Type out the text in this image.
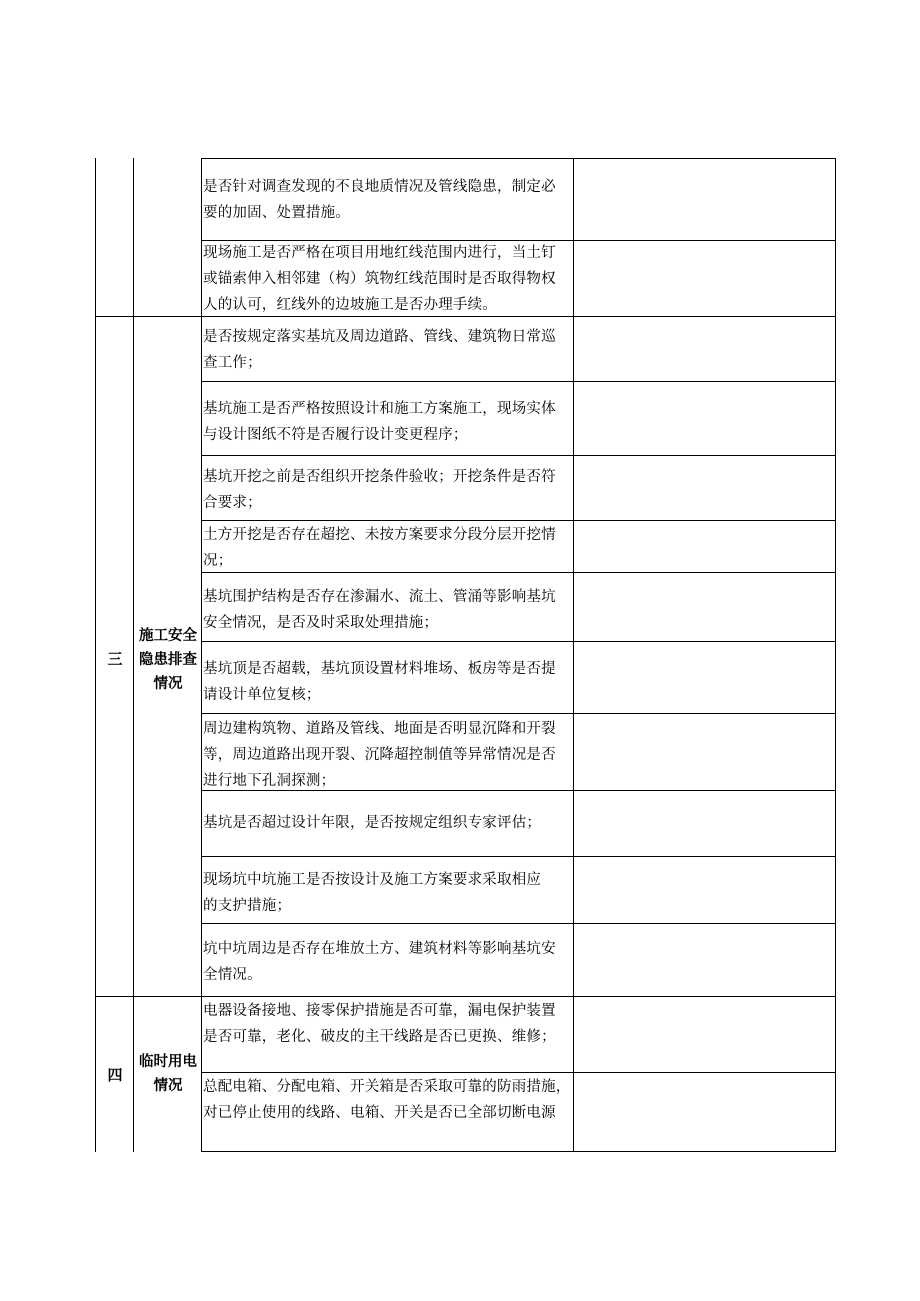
是否针对调查发现的不良地质情况及管线隐患，制定必
要的加固、处置措施。
现场施工是否严格在项目用地红线范围内进行，当土钉
或锚索伸入相邻建（构）筑物红线范围时是否取得物权
人的认可，红线外的边坡施工是否办理手续。
三
施工安全
隐患排查
情况
是否按规定落实基坑及周边道路、管线、建筑物日常巡
查工作；
基坑施工是否严格按照设计和施工方案施工，现场实体
与设计图纸不符是否履行设计变更程序；
基坑开挖之前是否组织开挖条件验收；开挖条件是否符
合要求；
土方开挖是否存在超挖、未按方案要求分段分层开挖情
况；
基坑围护结构是否存在渗漏水、流土、管涌等影响基坑
安全情况，是否及时采取处理措施；
基坑顶是否超载，基坑顶设置材料堆场、板房等是否提
请设计单位复核；
周边建构筑物、道路及管线、地面是否明显沉降和开裂
等，周边道路出现开裂、沉降超控制值等异常情况是否
进行地下孔洞探测；
基坑是否超过设计年限，是否按规定组织专家评估；
现场坑中坑施工是否按设计及施工方案要求采取相应
的支护措施；
坑中坑周边是否存在堆放土方、建筑材料等影响基坑安
全情况。
四
临时用电
情况
电器设备接地、接零保护措施是否可靠，漏电保护装置
是否可靠，老化、破皮的主干线路是否已更换、维修；
总配电箱、分配电箱、开关箱是否采取可靠的防雨措施，
对已停止使用的线路、电箱、开关是否已全部切断电源
